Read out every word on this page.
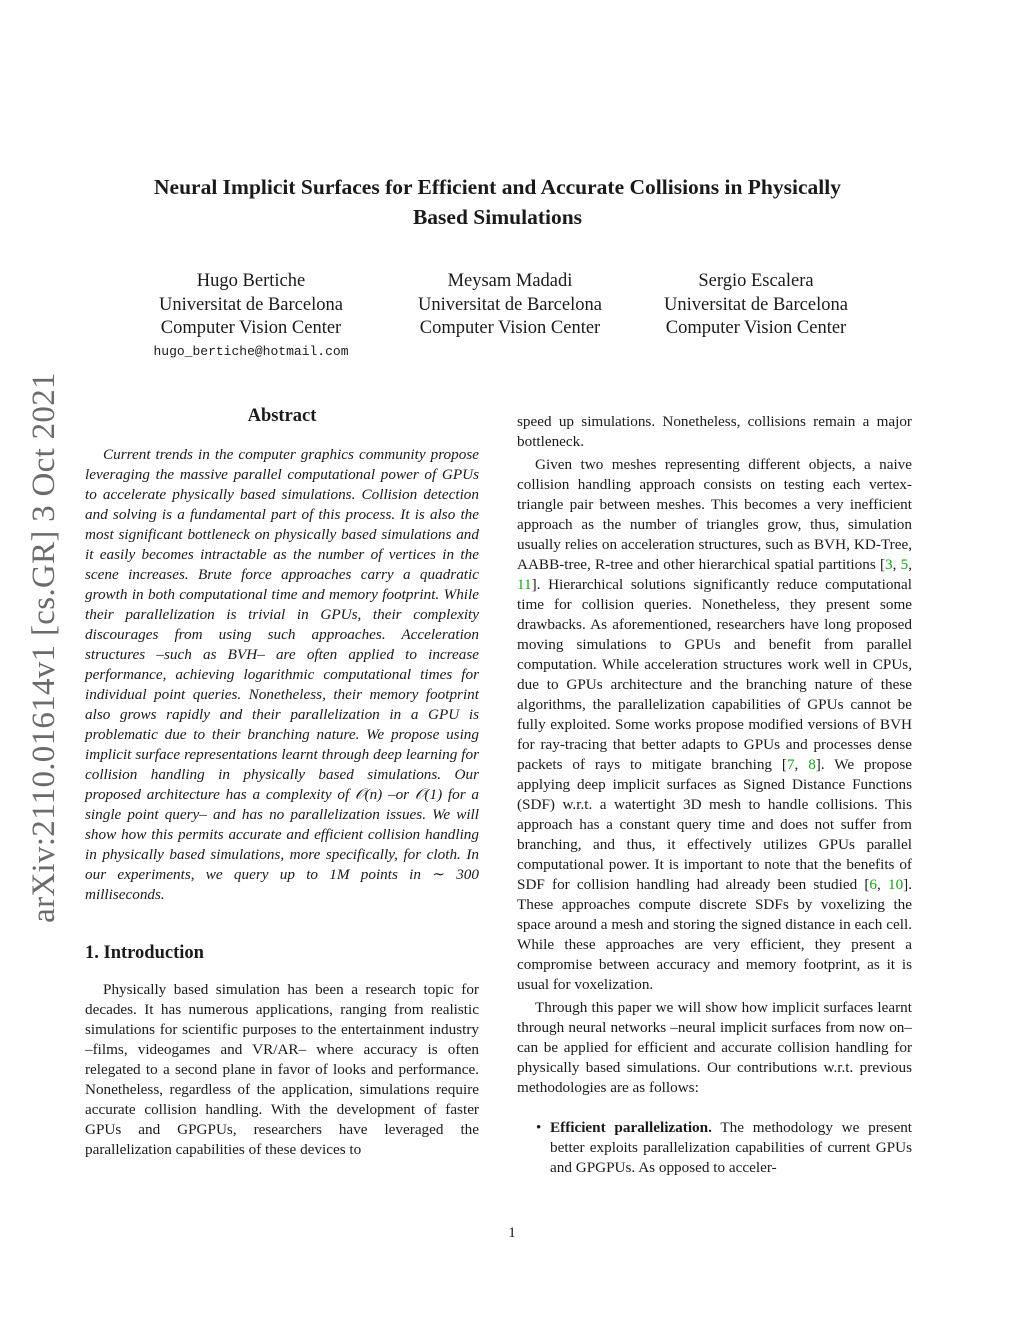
arXiv:2110.01614v1 [cs.GR] 3 Oct 2021
Neural Implicit Surfaces for Efficient and Accurate Collisions in Physically
Based Simulations
Hugo Bertiche
Universitat de Barcelona
Computer Vision Center
hugo_bertiche@hotmail.com
Meysam Madadi
Universitat de Barcelona
Computer Vision Center
Sergio Escalera
Universitat de Barcelona
Computer Vision Center
Abstract

Current trends in the computer graphics community propose leveraging the massive parallel computational power of GPUs to accelerate physically based simulations. Collision detection and solving is a fundamental part of this process. It is also the most significant bottleneck on physically based simulations and it easily becomes intractable as the number of vertices in the scene increases. Brute force approaches carry a quadratic growth in both computational time and memory footprint. While their parallelization is trivial in GPUs, their complexity discourages from using such approaches. Acceleration structures –such as BVH– are often applied to increase performance, achieving logarithmic computational times for individual point queries. Nonetheless, their memory footprint also grows rapidly and their parallelization in a GPU is problematic due to their branching nature. We propose using implicit surface representations learnt through deep learning for collision handling in physically based simulations. Our proposed architecture has a complexity of 𝒪(n) –or 𝒪(1) for a single point query– and has no parallelization issues. We will show how this permits accurate and efficient collision handling in physically based simulations, more specifically, for cloth. In our experiments, we query up to 1M points in ∼ 300 milliseconds.

1. Introduction

Physically based simulation has been a research topic for decades. It has numerous applications, ranging from realistic simulations for scientific purposes to the entertainment industry –films, videogames and VR/AR– where accuracy is often relegated to a second plane in favor of looks and performance. Nonetheless, regardless of the application, simulations require accurate collision handling. With the development of faster GPUs and GPGPUs, researchers have leveraged the parallelization capabilities of these devices to

speed up simulations. Nonetheless, collisions remain a major bottleneck.

Given two meshes representing different objects, a naive collision handling approach consists on testing each vertex-triangle pair between meshes. This becomes a very inefficient approach as the number of triangles grow, thus, simulation usually relies on acceleration structures, such as BVH, KD-Tree, AABB-tree, R-tree and other hierarchical spatial partitions [3, 5, 11]. Hierarchical solutions significantly reduce computational time for collision queries. Nonetheless, they present some drawbacks. As aforementioned, researchers have long proposed moving simulations to GPUs and benefit from parallel computation. While acceleration structures work well in CPUs, due to GPUs architecture and the branching nature of these algorithms, the parallelization capabilities of GPUs cannot be fully exploited. Some works propose modified versions of BVH for ray-tracing that better adapts to GPUs and processes dense packets of rays to mitigate branching [7, 8]. We propose applying deep implicit surfaces as Signed Distance Functions (SDF) w.r.t. a watertight 3D mesh to handle collisions. This approach has a constant query time and does not suffer from branching, and thus, it effectively utilizes GPUs parallel computational power. It is important to note that the benefits of SDF for collision handling had already been studied [6, 10]. These approaches compute discrete SDFs by voxelizing the space around a mesh and storing the signed distance in each cell. While these approaches are very efficient, they present a compromise between accuracy and memory footprint, as it is usual for voxelization.

Through this paper we will show how implicit surfaces learnt through neural networks –neural implicit surfaces from now on– can be applied for efficient and accurate collision handling for physically based simulations. Our contributions w.r.t. previous methodologies are as follows:

• Efficient parallelization. The methodology we present better exploits parallelization capabilities of current GPUs and GPGPUs. As opposed to acceler-
1
